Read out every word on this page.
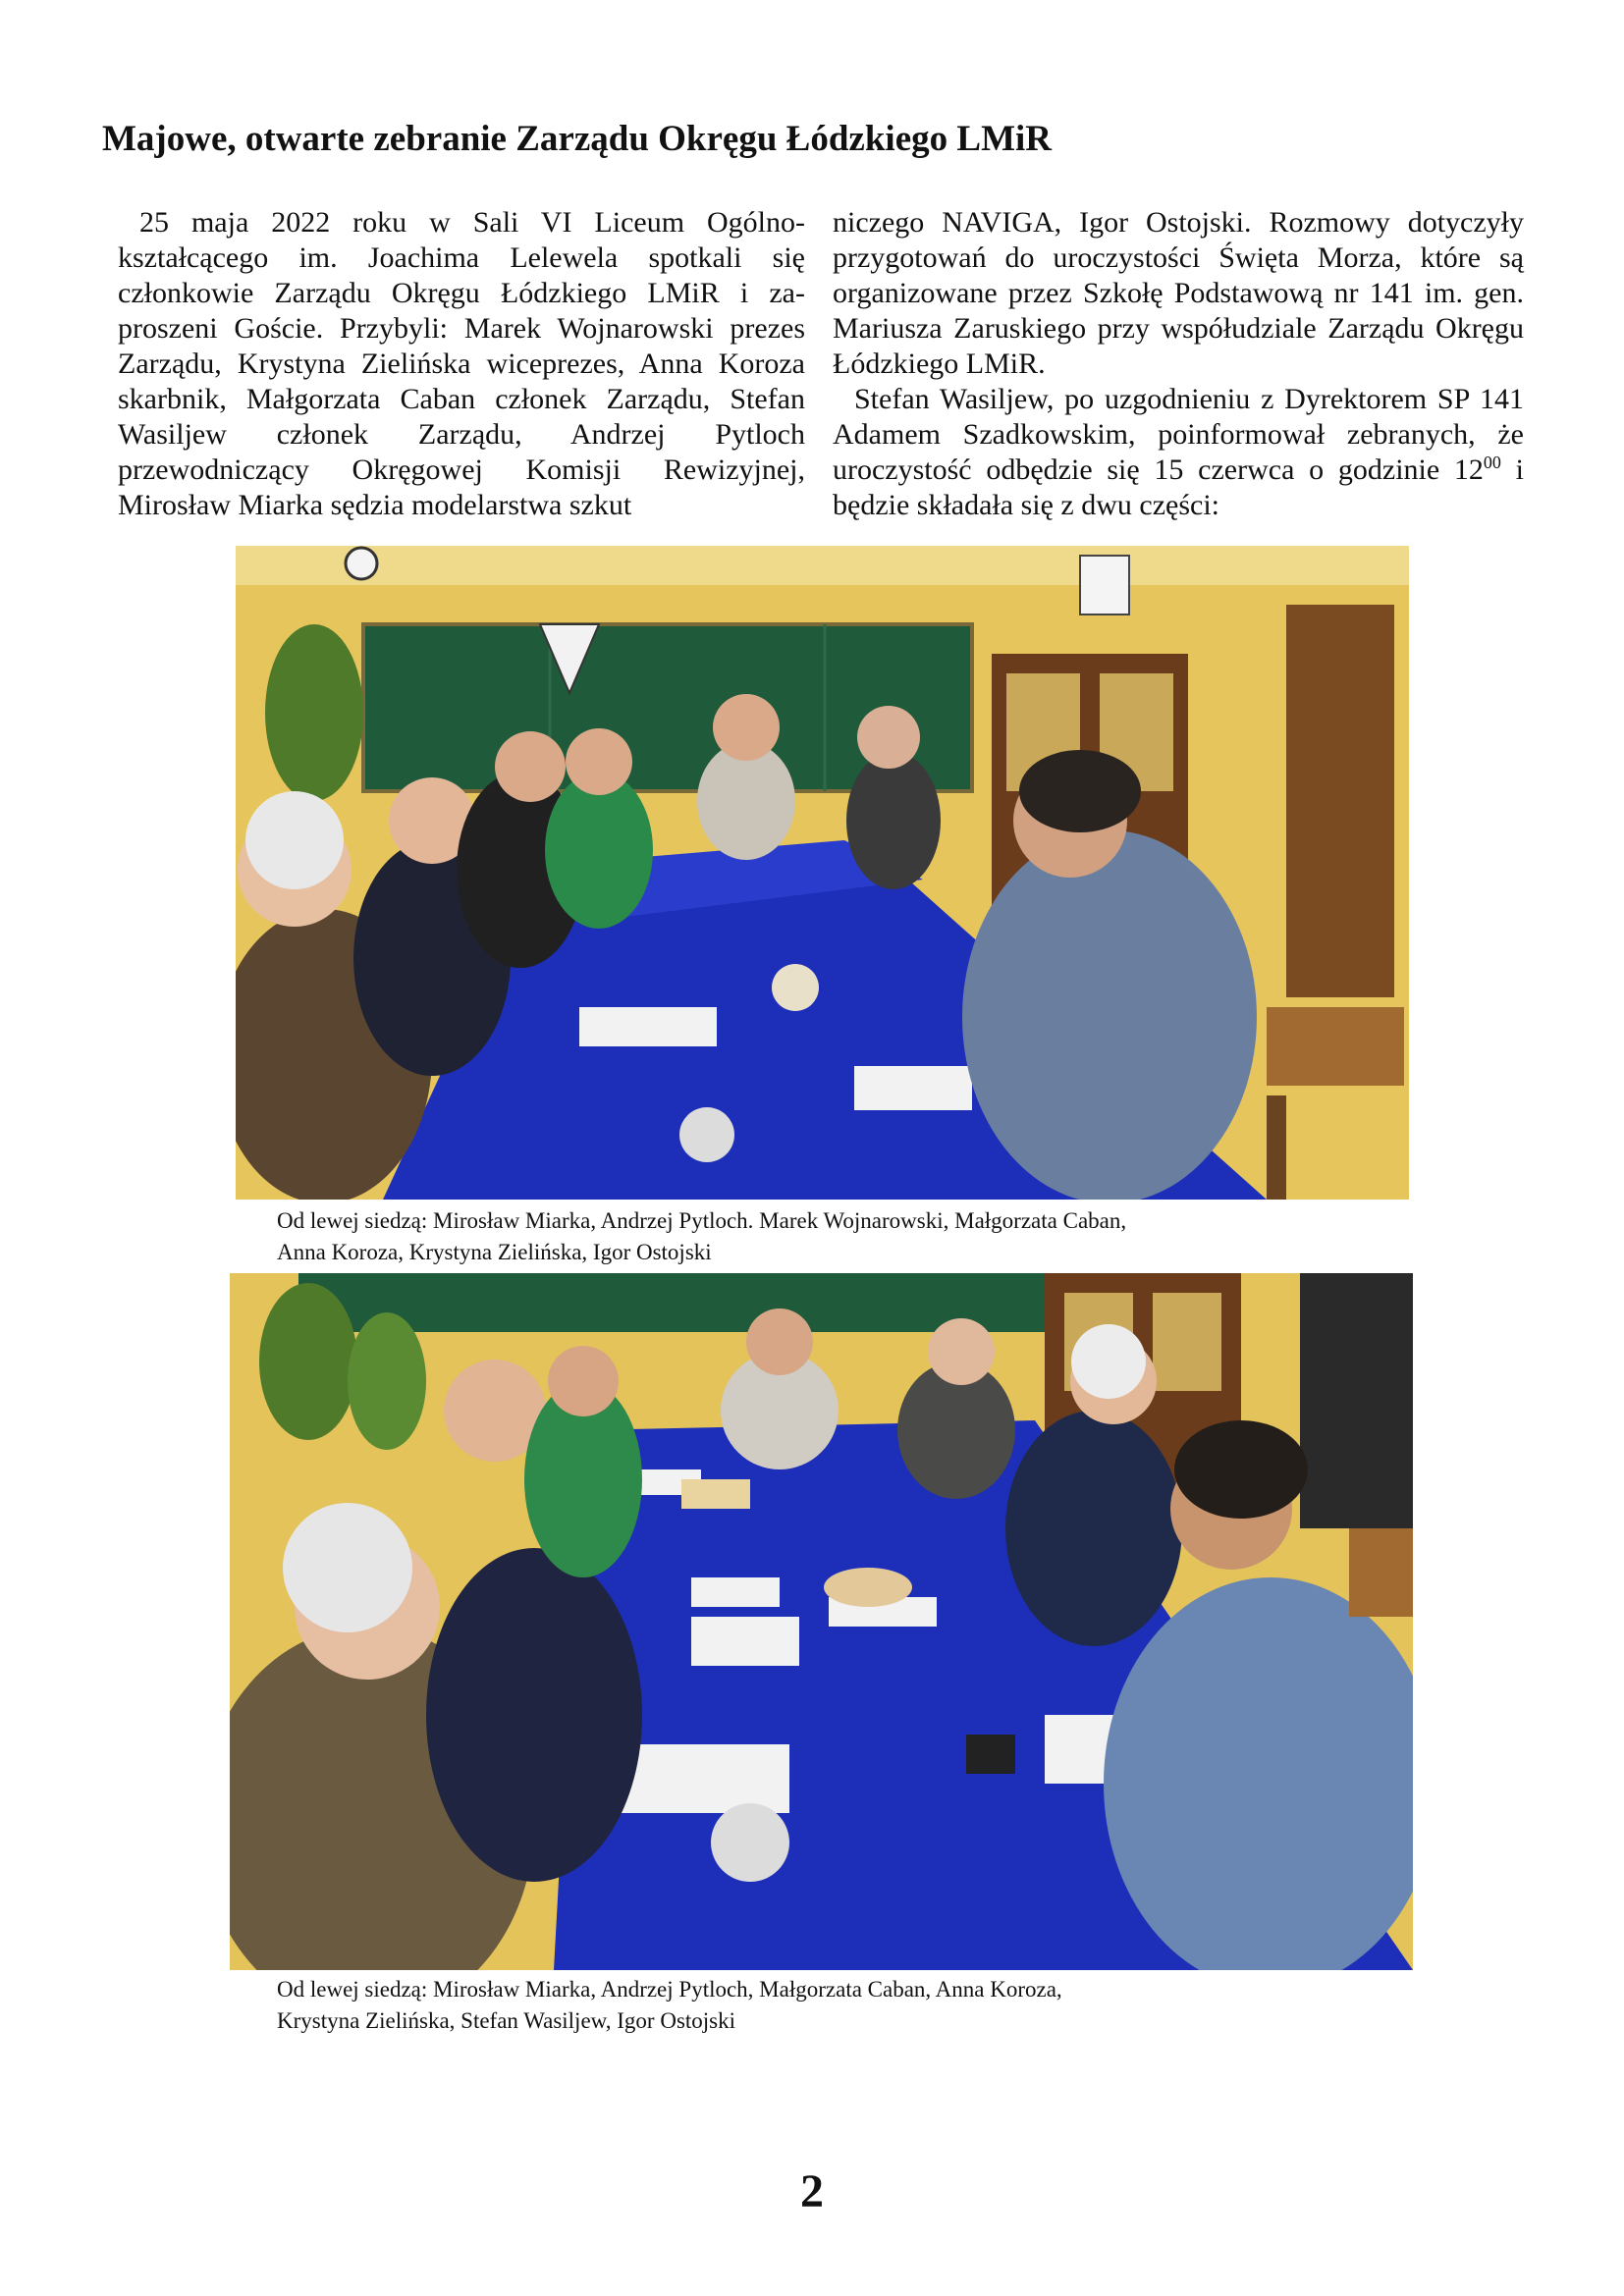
Majowe, otwarte zebranie Zarządu Okręgu Łódzkiego LMiR

25 maja 2022 roku w Sali VI Liceum Ogólnokształcącego im. Joachima Lelewela spotkali się członkowie Zarządu Okręgu Łódzkiego LMiR i zaproszeni Goście. Przybyli: Marek Wojnarowski prezes Zarządu, Krystyna Zielińska wiceprezes, Anna Koroza skarbnik, Małgorzata Caban członek Zarządu, Stefan Wasiljew członek Zarządu, Andrzej Pytloch przewodniczący Okręgowej Komisji Rewizyjnej, Mirosław Miarka sędzia modelarstwa szkut

niczego NAVIGA, Igor Ostojski. Rozmowy dotyczyły przygotowań do uroczystości Święta Morza, które są organizowane przez Szkołę Podstawową nr 141 im. gen. Mariusza Zaruskiego przy współudziale Zarządu Okręgu Łódzkiego LMiR.

Stefan Wasiljew, po uzgodnieniu z Dyrektorem SP 141 Adamem Szadkowskim, poinformował zebranych, że uroczystość odbędzie się 15 czerwca o godzinie $12^{00}$ i będzie składała się z dwu części:

Od lewej siedzą: Mirosław Miarka, Andrzej Pytloch. Marek Wojnarowski, Małgorzata Caban,
Anna Koroza, Krystyna Zielińska, Igor Ostojski

Od lewej siedzą: Mirosław Miarka, Andrzej Pytloch, Małgorzata Caban, Anna Koroza,
Krystyna Zielińska, Stefan Wasiljew, Igor Ostojski

2
